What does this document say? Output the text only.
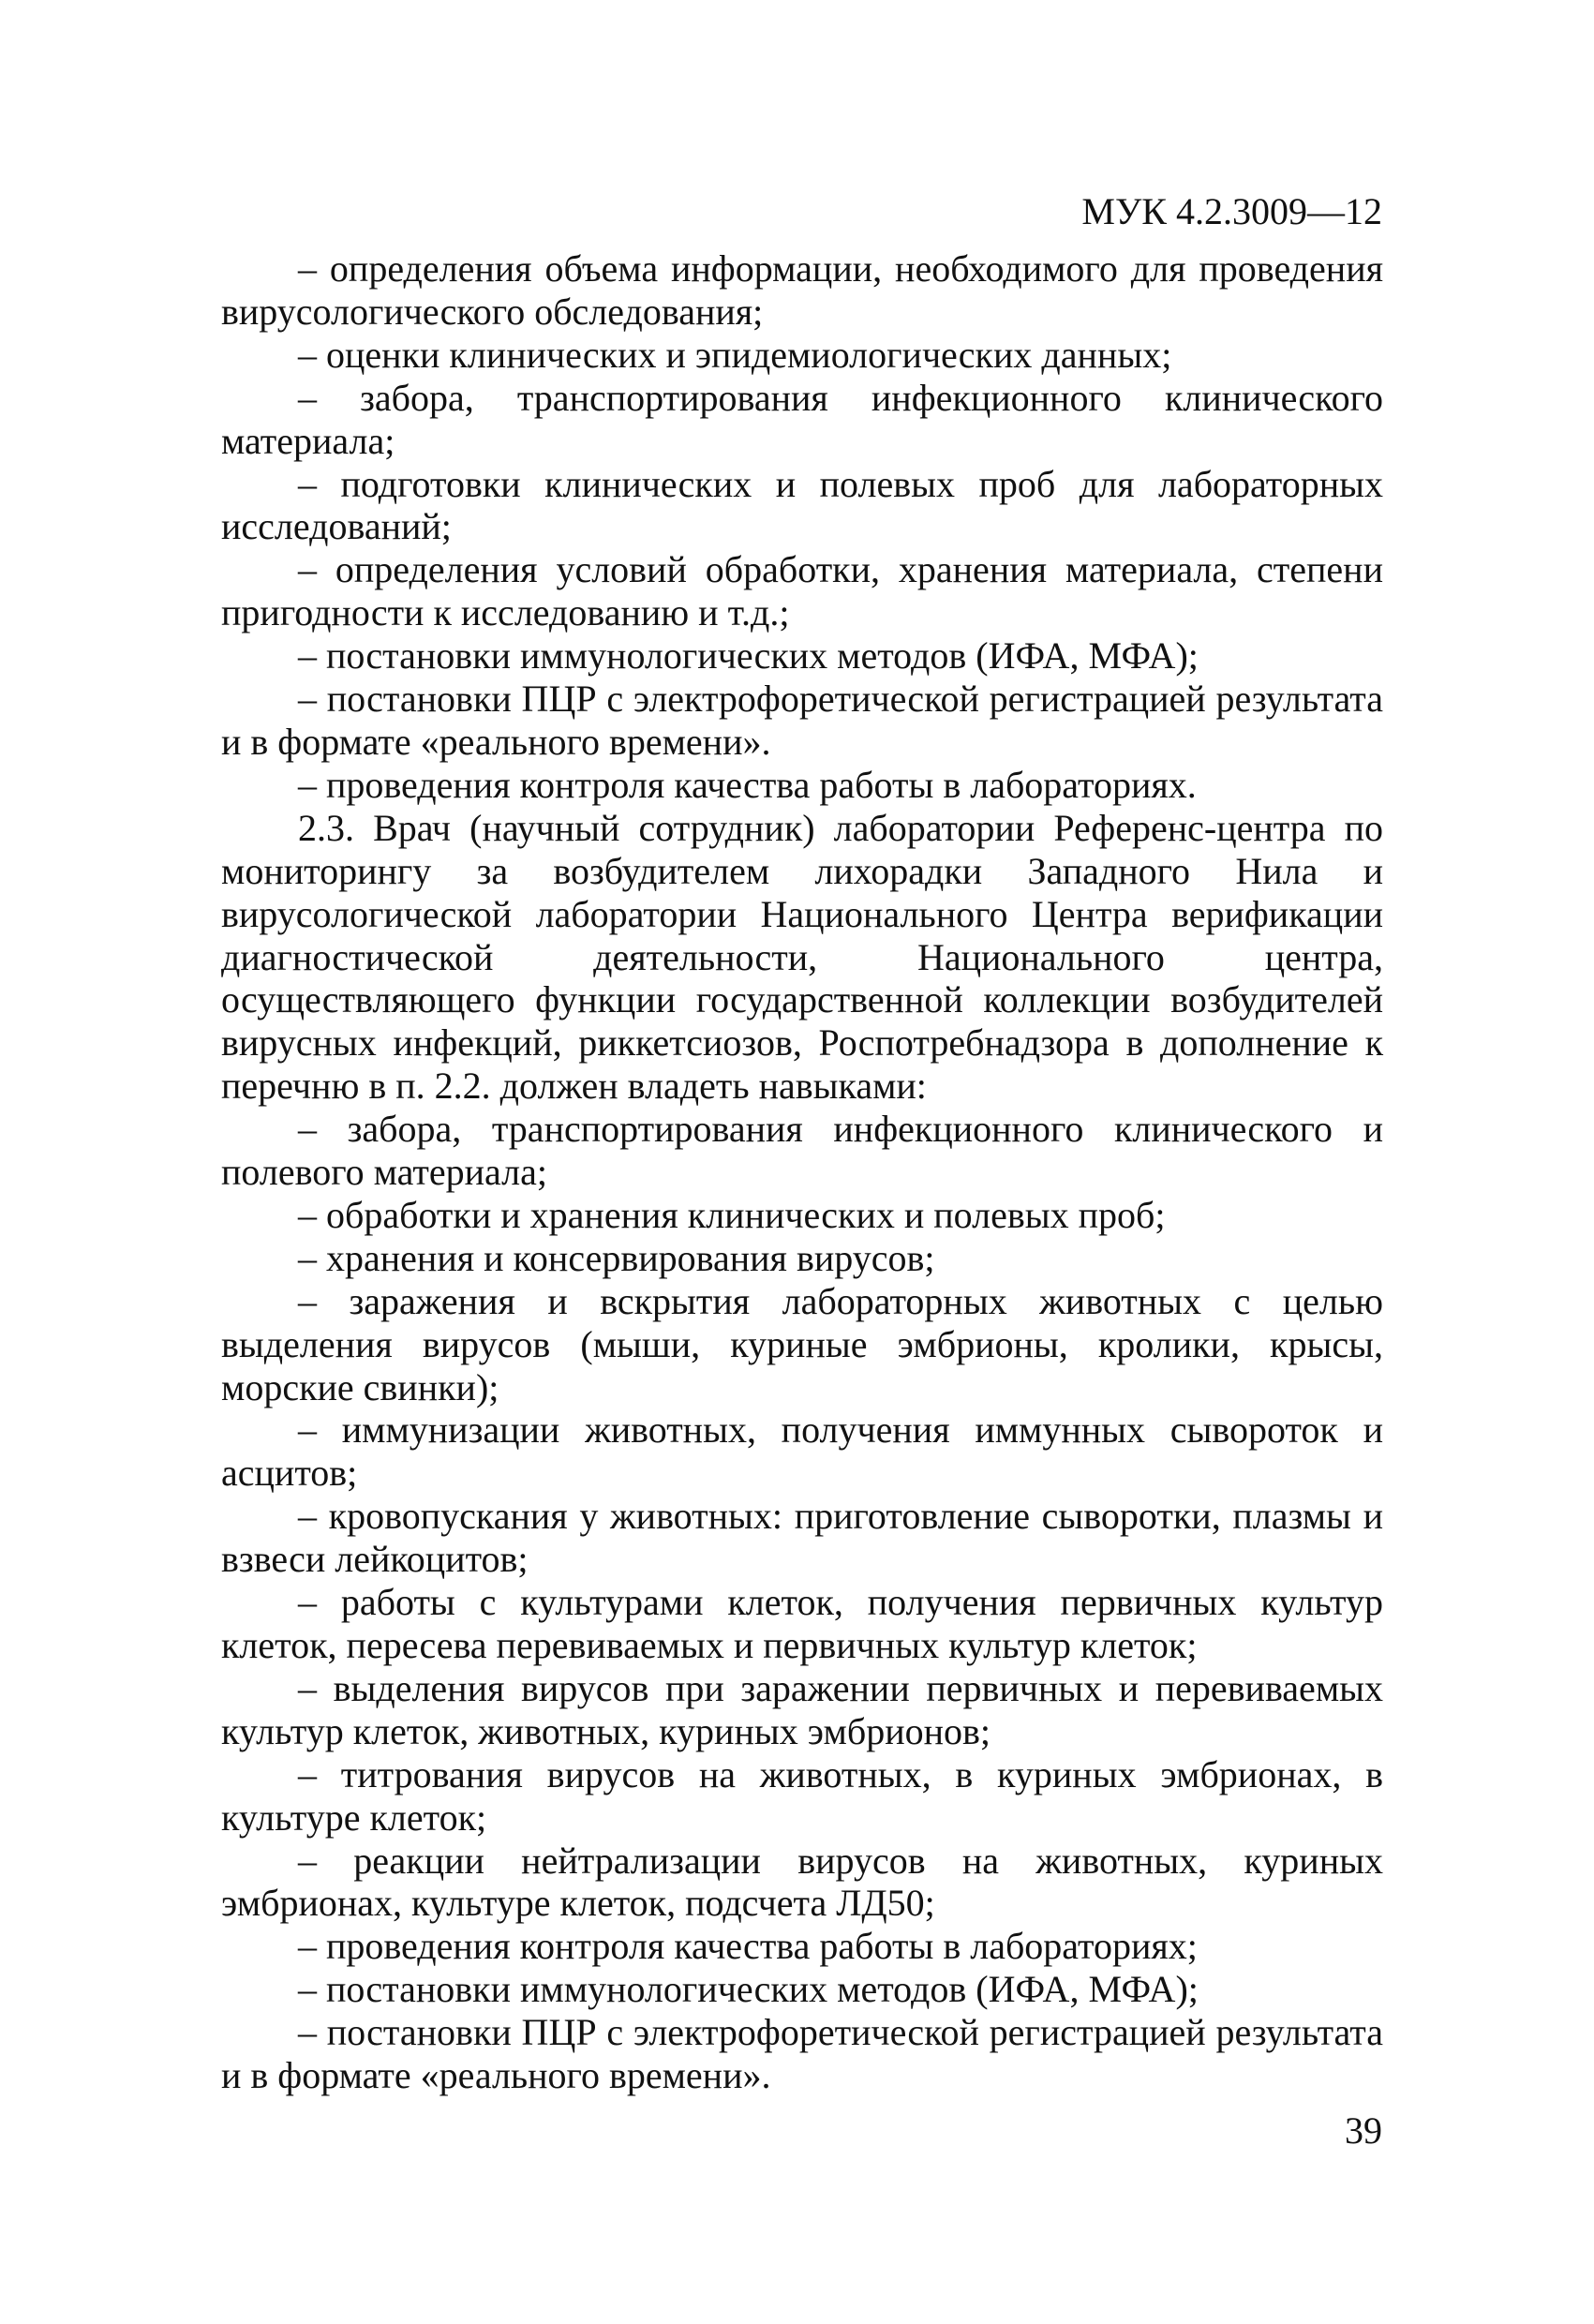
МУК 4.2.3009—12

– определения объема информации, необходимого для проведения вирусологического обследования;

– оценки клинических и эпидемиологических данных;

– забора, транспортирования инфекционного клинического материала;

– подготовки клинических и полевых проб для лабораторных исследований;

– определения условий обработки, хранения материала, степени пригодности к исследованию и т.д.;

– постановки иммунологических методов (ИФА, МФА);

– постановки ПЦР с электрофоретической регистрацией результата и в формате «реального времени».

– проведения контроля качества работы в лабораториях.

2.3. Врач (научный сотрудник) лаборатории Референс-центра по мониторингу за возбудителем лихорадки Западного Нила и вирусологической лаборатории Национального Центра верификации диагностической деятельности, Национального центра, осуществляющего функции государственной коллекции возбудителей вирусных инфекций, риккетсиозов, Роспотребнадзора в дополнение к перечню в п. 2.2. должен владеть навыками:

– забора, транспортирования инфекционного клинического и полевого материала;

– обработки и хранения клинических и полевых проб;

– хранения и консервирования вирусов;

– заражения и вскрытия лабораторных животных с целью выделения вирусов (мыши, куриные эмбрионы, кролики, крысы, морские свинки);

– иммунизации животных, получения иммунных сывороток и асцитов;

– кровопускания у животных: приготовление сыворотки, плазмы и взвеси лейкоцитов;

– работы с культурами клеток, получения первичных культур клеток, пересева перевиваемых и первичных культур клеток;

– выделения вирусов при заражении первичных и перевиваемых культур клеток, животных, куриных эмбрионов;

– титрования вирусов на животных, в куриных эмбрионах, в культуре клеток;

– реакции нейтрализации вирусов на животных, куриных эмбрионах, культуре клеток, подсчета ЛД50;

– проведения контроля качества работы в лабораториях;

– постановки иммунологических методов (ИФА, МФА);

– постановки ПЦР с электрофоретической регистрацией результата и в формате «реального времени».

39
